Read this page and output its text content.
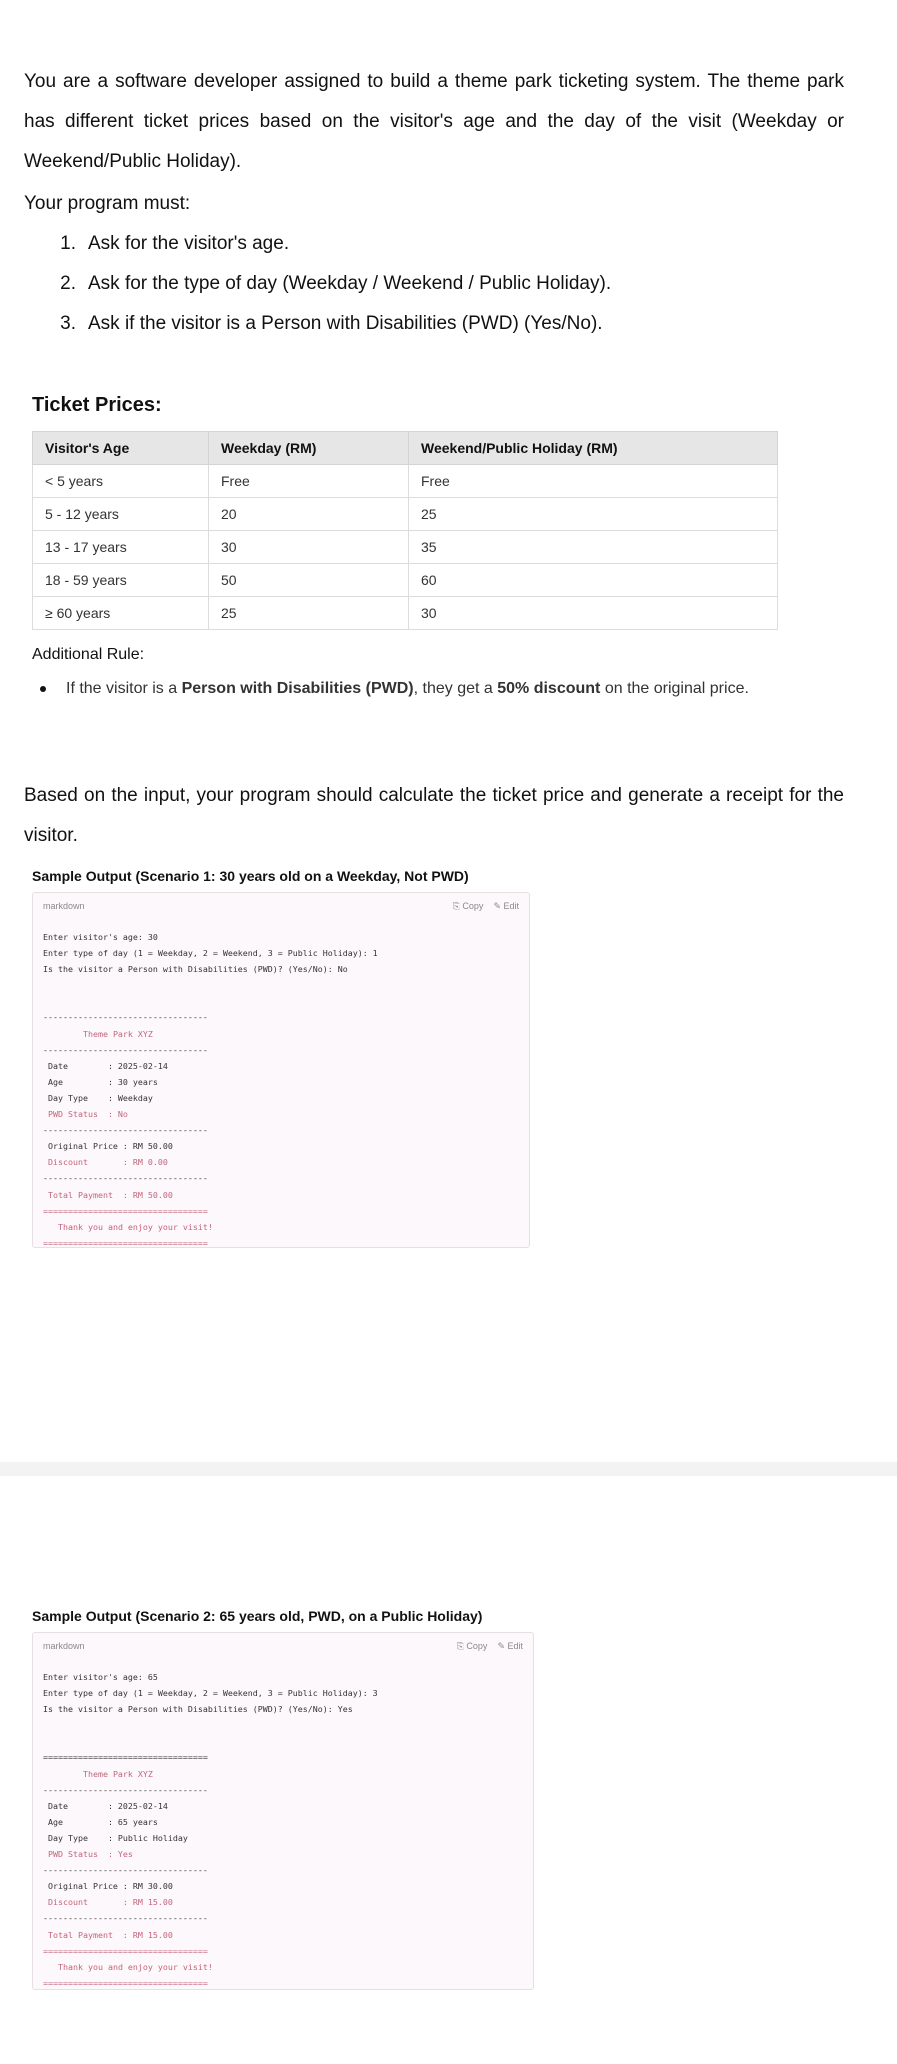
You are a software developer assigned to build a theme park ticketing system. The theme park has different ticket prices based on the visitor's age and the day of the visit (Weekday or Weekend/Public Holiday).

Your program must:

1. Ask for the visitor's age.
2. Ask for the type of day (Weekday / Weekend / Public Holiday).
3. Ask if the visitor is a Person with Disabilities (PWD) (Yes/No).
Ticket Prices:
Visitor's Age	Weekday (RM)	Weekend/Public Holiday (RM)
< 5 years	Free	Free
5 - 12 years	20	25
13 - 17 years	30	35
18 - 59 years	50	60
≥ 60 years	25	30

Additional Rule:

If the visitor is a Person with Disabilities (PWD), they get a 50% discount on the original price.

Based on the input, your program should calculate the ticket price and generate a receipt for the visitor.

Sample Output (Scenario 1: 30 years old on a Weekday, Not PWD)
markdown	⎘ Copy ✎ Edit
Enter visitor's age: 30
Enter type of day (1 = Weekday, 2 = Weekend, 3 = Public Holiday): 1
Is the visitor a Person with Disabilities (PWD)? (Yes/No): No

---------------------------------
Theme Park XYZ
---------------------------------
Date        : 2025-02-14
Age         : 30 years
Day Type    : Weekday
PWD Status  : No
---------------------------------
Original Price : RM 50.00
Discount       : RM 0.00
---------------------------------
Total Payment  : RM 50.00
=================================
Thank you and enjoy your visit!
=================================
Sample Output (Scenario 2: 65 years old, PWD, on a Public Holiday)
markdown	⎘ Copy ✎ Edit
Enter visitor's age: 65
Enter type of day (1 = Weekday, 2 = Weekend, 3 = Public Holiday): 3
Is the visitor a Person with Disabilities (PWD)? (Yes/No): Yes

=================================
Theme Park XYZ
---------------------------------
Date        : 2025-02-14
Age         : 65 years
Day Type    : Public Holiday
PWD Status  : Yes
---------------------------------
Original Price : RM 30.00
Discount       : RM 15.00
---------------------------------
Total Payment  : RM 15.00
=================================
Thank you and enjoy your visit!
=================================
